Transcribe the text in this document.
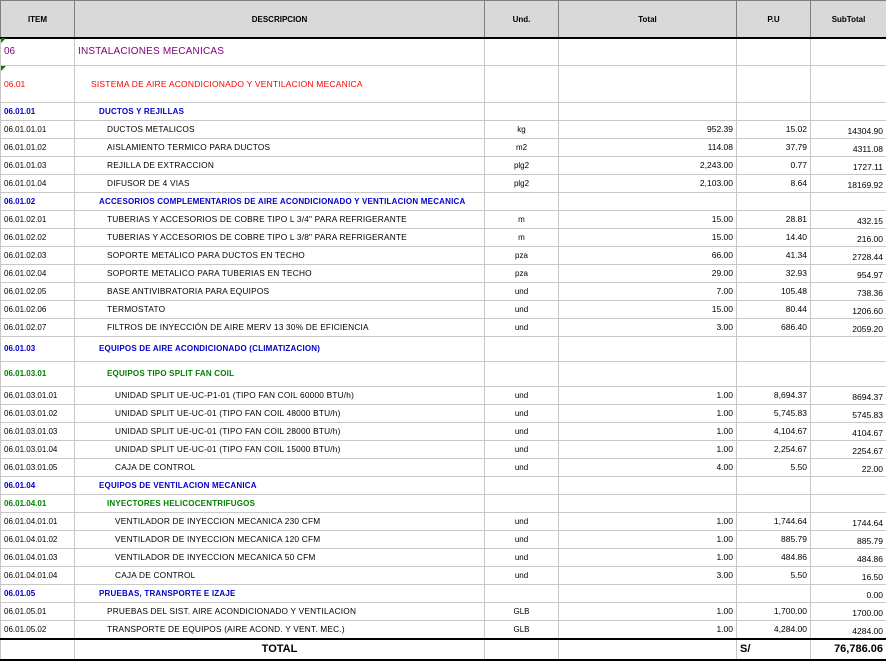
ITEM	DESCRIPCION	Und.	Total	P.U	SubTotal
06	INSTALACIONES MECANICAS				
06.01	SISTEMA DE AIRE ACONDICIONADO Y VENTILACION MECANICA				
06.01.01	DUCTOS Y REJILLAS				
06.01.01.01	DUCTOS METALICOS	kg	952.39	15.02	14304.90
06.01.01.02	AISLAMIENTO TERMICO PARA DUCTOS	m2	114.08	37.79	4311.08
06.01.01.03	REJILLA DE EXTRACCION	plg2	2,243.00	0.77	1727.11
06.01.01.04	DIFUSOR DE 4 VIAS	plg2	2,103.00	8.64	18169.92
06.01.02	ACCESORIOS COMPLEMENTARIOS DE AIRE ACONDICIONADO Y VENTILACION MECANICA				
06.01.02.01	TUBERIAS Y ACCESORIOS DE COBRE TIPO L 3/4" PARA REFRIGERANTE	m	15.00	28.81	432.15
06.01.02.02	TUBERIAS Y ACCESORIOS DE COBRE TIPO L 3/8" PARA REFRIGERANTE	m	15.00	14.40	216.00
06.01.02.03	SOPORTE METALICO PARA DUCTOS EN TECHO	pza	66.00	41.34	2728.44
06.01.02.04	SOPORTE METALICO PARA TUBERIAS EN TECHO	pza	29.00	32.93	954.97
06.01.02.05	BASE ANTIVIBRATORIA PARA EQUIPOS	und	7.00	105.48	738.36
06.01.02.06	TERMOSTATO	und	15.00	80.44	1206.60
06.01.02.07	FILTROS DE INYECCIÓN DE AIRE MERV 13 30% DE EFICIENCIA	und	3.00	686.40	2059.20
06.01.03	EQUIPOS DE AIRE ACONDICIONADO (CLIMATIZACION)				
06.01.03.01	EQUIPOS TIPO SPLIT FAN COIL				
06.01.03.01.01	UNIDAD SPLIT UE-UC-P1-01 (TIPO FAN COIL 60000 BTU/h)	und	1.00	8,694.37	8694.37
06.01.03.01.02	UNIDAD SPLIT UE-UC-01 (TIPO FAN COIL 48000 BTU/h)	und	1.00	5,745.83	5745.83
06.01.03.01.03	UNIDAD SPLIT UE-UC-01 (TIPO FAN COIL 28000 BTU/h)	und	1.00	4,104.67	4104.67
06.01.03.01.04	UNIDAD SPLIT UE-UC-01 (TIPO FAN COIL 15000 BTU/h)	und	1.00	2,254.67	2254.67
06.01.03.01.05	CAJA DE CONTROL	und	4.00	5.50	22.00
06.01.04	EQUIPOS DE VENTILACION MECANICA				
06.01.04.01	INYECTORES HELICOCENTRIFUGOS				
06.01.04.01.01	VENTILADOR DE INYECCION MECANICA 230 CFM	und	1.00	1,744.64	1744.64
06.01.04.01.02	VENTILADOR DE INYECCION MECANICA 120 CFM	und	1.00	885.79	885.79
06.01.04.01.03	VENTILADOR DE INYECCION MECANICA 50 CFM	und	1.00	484.86	484.86
06.01.04.01.04	CAJA DE CONTROL	und	3.00	5.50	16.50
06.01.05	PRUEBAS, TRANSPORTE E IZAJE				0.00
06.01.05.01	PRUEBAS DEL SIST. AIRE ACONDICIONADO Y VENTILACION	GLB	1.00	1,700.00	1700.00
06.01.05.02	TRANSPORTE DE EQUIPOS (AIRE ACOND. Y VENT. MEC.)	GLB	1.00	4,284.00	4284.00
	TOTAL			S/	76,786.06
